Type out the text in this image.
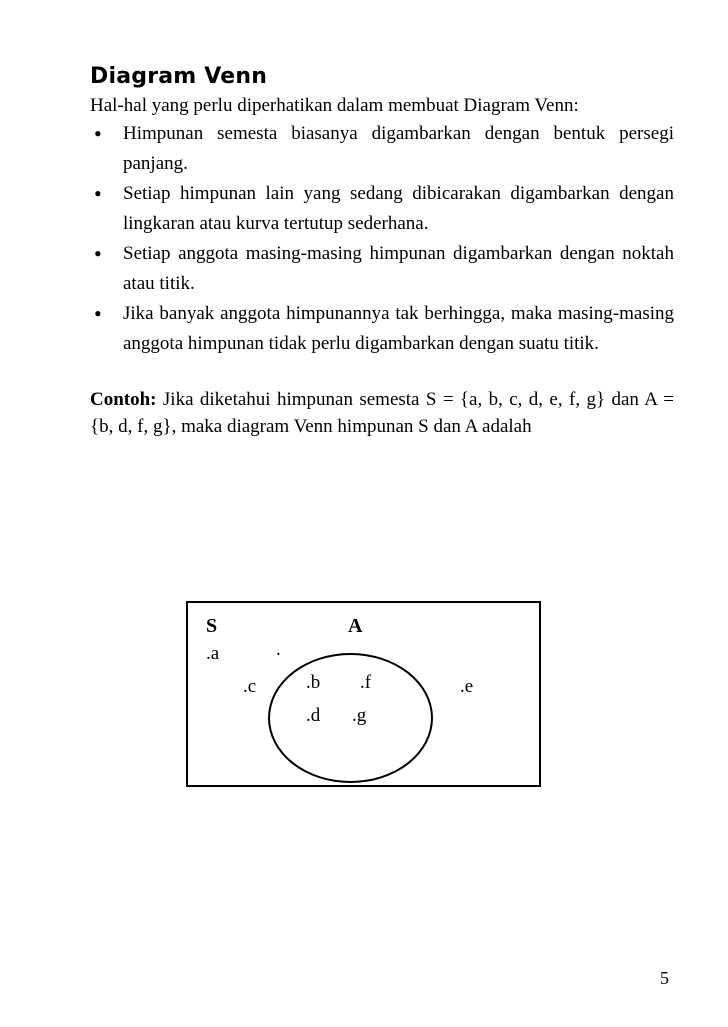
Diagram Venn

Hal-hal yang perlu diperhatikan dalam membuat Diagram Venn:

• Himpunan semesta biasanya digambarkan dengan bentuk persegi panjang.
• Setiap himpunan lain yang sedang dibicarakan digambarkan dengan lingkaran atau kurva tertutup sederhana.
• Setiap anggota masing-masing himpunan digambarkan dengan noktah atau titik.
• Jika banyak anggota himpunannya tak berhingga, maka masing-masing anggota himpunan tidak perlu digambarkan dengan suatu titik.

Contoh: Jika diketahui himpunan semesta S = {a, b, c, d, e, f, g} dan A = {b, d, f, g}, maka diagram Venn himpunan S dan A adalah

S	A
.a	.
.c	.e
.b .f
.d .g
5
